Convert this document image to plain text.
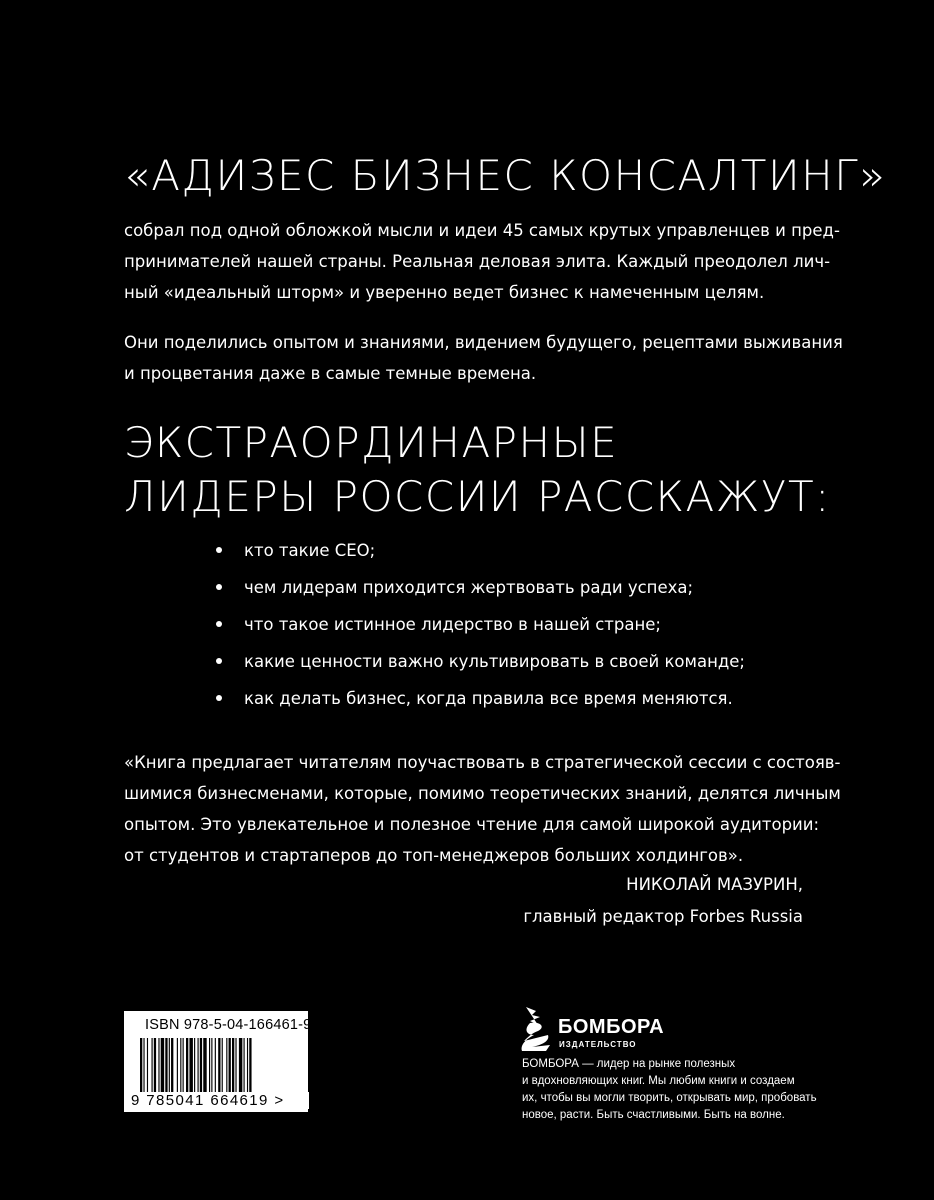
«АДИЗЕС БИЗНЕС КОНСАЛТИНГ»
собрал под одной обложкой мысли и идеи 45 самых крутых управленцев и пред-
принимателей нашей страны. Реальная деловая элита. Каждый преодолел лич-
ный «идеальный шторм» и уверенно ведет бизнес к намеченным целям.
Они поделились опытом и знаниями, видением будущего, рецептами выживания
и процветания даже в самые темные времена.
ЭКСТРАОРДИНАРНЫЕ
ЛИДЕРЫ РОССИИ РАССКАЖУТ:
кто такие CEO;
чем лидерам приходится жертвовать ради успеха;
что такое истинное лидерство в нашей стране;
какие ценности важно культивировать в своей команде;
как делать бизнес, когда правила все время меняются.
«Книга предлагает читателям поучаствовать в стратегической сессии с состояв-
шимися бизнесменами, которые, помимо теоретических знаний, делятся личным
опытом. Это увлекательное и полезное чтение для самой широкой аудитории:
от студентов и стартаперов до топ-менеджеров больших холдингов».
НИКОЛАЙ МАЗУРИН,
главный редактор Forbes Russia
ISBN 978-5-04-166461-9
9 785041 664619 >
БОМБОРА
ИЗДАТЕЛЬСТВО
БОМБОРА — лидер на рынке полезных
и вдохновляющих книг. Мы любим книги и создаем
их, чтобы вы могли творить, открывать мир, пробовать
новое, расти. Быть счастливыми. Быть на волне.
